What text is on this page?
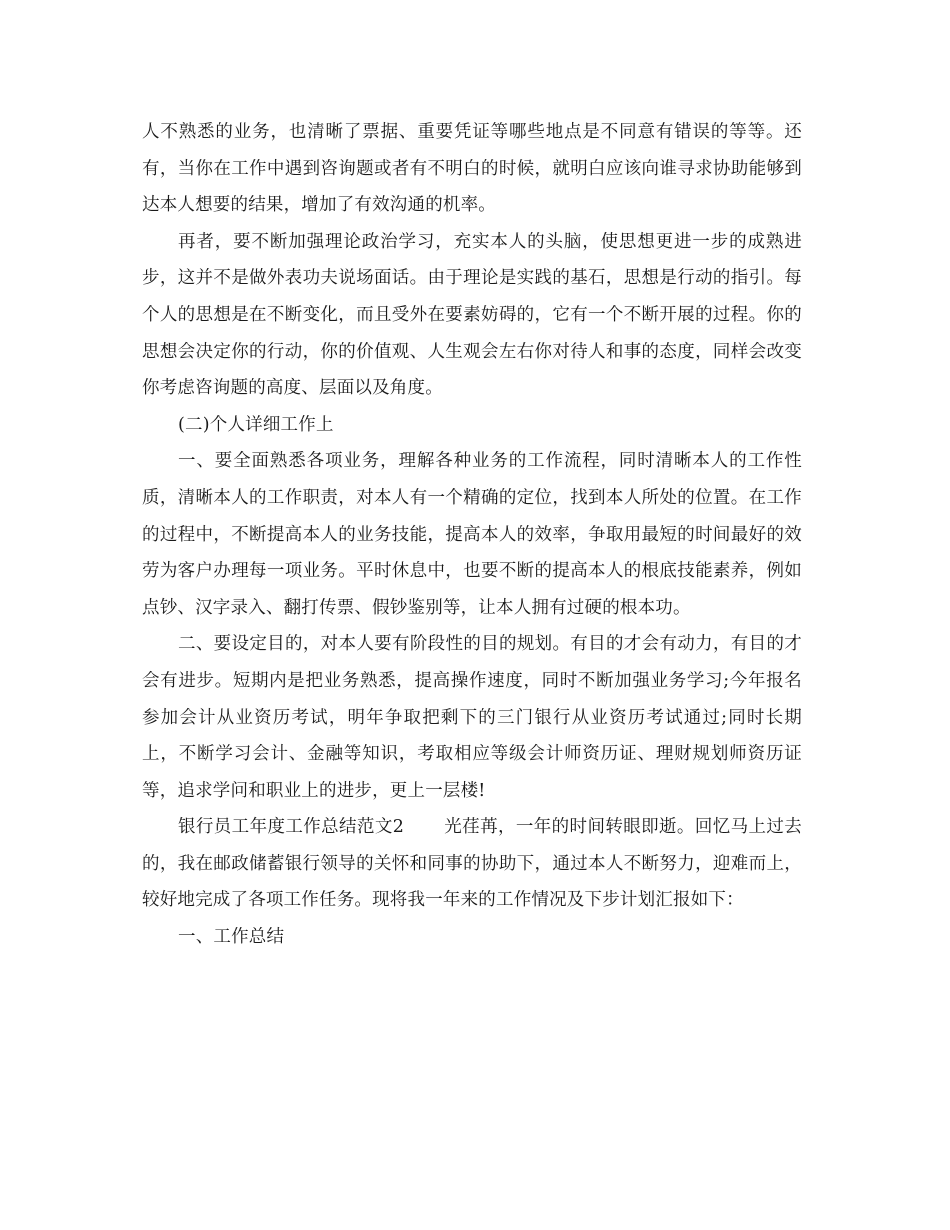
人不熟悉的业务，也清晰了票据、重要凭证等哪些地点是不同意有错误的等等。还有，当你在工作中遇到咨询题或者有不明白的时候，就明白应该向谁寻求协助能够到达本人想要的结果，增加了有效沟通的机率。

再者，要不断加强理论政治学习，充实本人的头脑，使思想更进一步的成熟进步，这并不是做外表功夫说场面话。由于理论是实践的基石，思想是行动的指引。每个人的思想是在不断变化，而且受外在要素妨碍的，它有一个不断开展的过程。你的思想会决定你的行动，你的价值观、人生观会左右你对待人和事的态度，同样会改变你考虑咨询题的高度、层面以及角度。

(二)个人详细工作上

一、要全面熟悉各项业务，理解各种业务的工作流程，同时清晰本人的工作性质，清晰本人的工作职责，对本人有一个精确的定位，找到本人所处的位置。在工作的过程中，不断提高本人的业务技能，提高本人的效率，争取用最短的时间最好的效劳为客户办理每一项业务。平时休息中，也要不断的提高本人的根底技能素养，例如点钞、汉字录入、翻打传票、假钞鉴别等，让本人拥有过硬的根本功。

二、要设定目的，对本人要有阶段性的目的规划。有目的才会有动力，有目的才会有进步。短期内是把业务熟悉，提高操作速度，同时不断加强业务学习;今年报名参加会计从业资历考试，明年争取把剩下的三门银行从业资历考试通过;同时长期上，不断学习会计、金融等知识，考取相应等级会计师资历证、理财规划师资历证等，追求学问和职业上的进步，更上一层楼!

银行员工年度工作总结范文2 光荏苒，一年的时间转眼即逝。回忆马上过去的，我在邮政储蓄银行领导的关怀和同事的协助下，通过本人不断努力，迎难而上，较好地完成了各项工作任务。现将我一年来的工作情况及下步计划汇报如下：

一、工作总结
